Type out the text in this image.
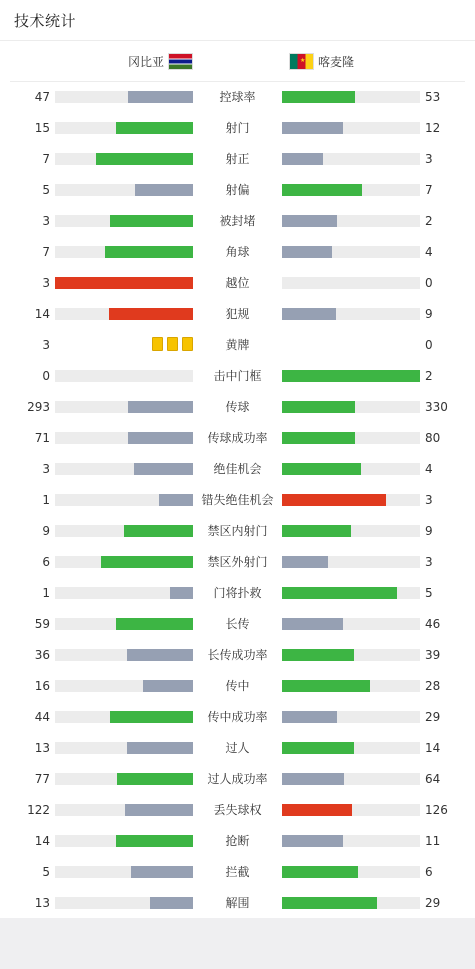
技术统计
冈比亚	★ 喀麦隆
47	控球率	53
15	射门	12
7	射正	3
5	射偏	7
3	被封堵	2
7	角球	4
3	越位	0
14	犯规	9
3	黄牌	0
0	击中门框	2
293	传球	330
71	传球成功率	80
3	绝佳机会	4
1	错失绝佳机会	3
9	禁区内射门	9
6	禁区外射门	3
1	门将扑救	5
59	长传	46
36	长传成功率	39
16	传中	28
44	传中成功率	29
13	过人	14
77	过人成功率	64
122	丢失球权	126
14	抢断	11
5	拦截	6
13	解围	29
